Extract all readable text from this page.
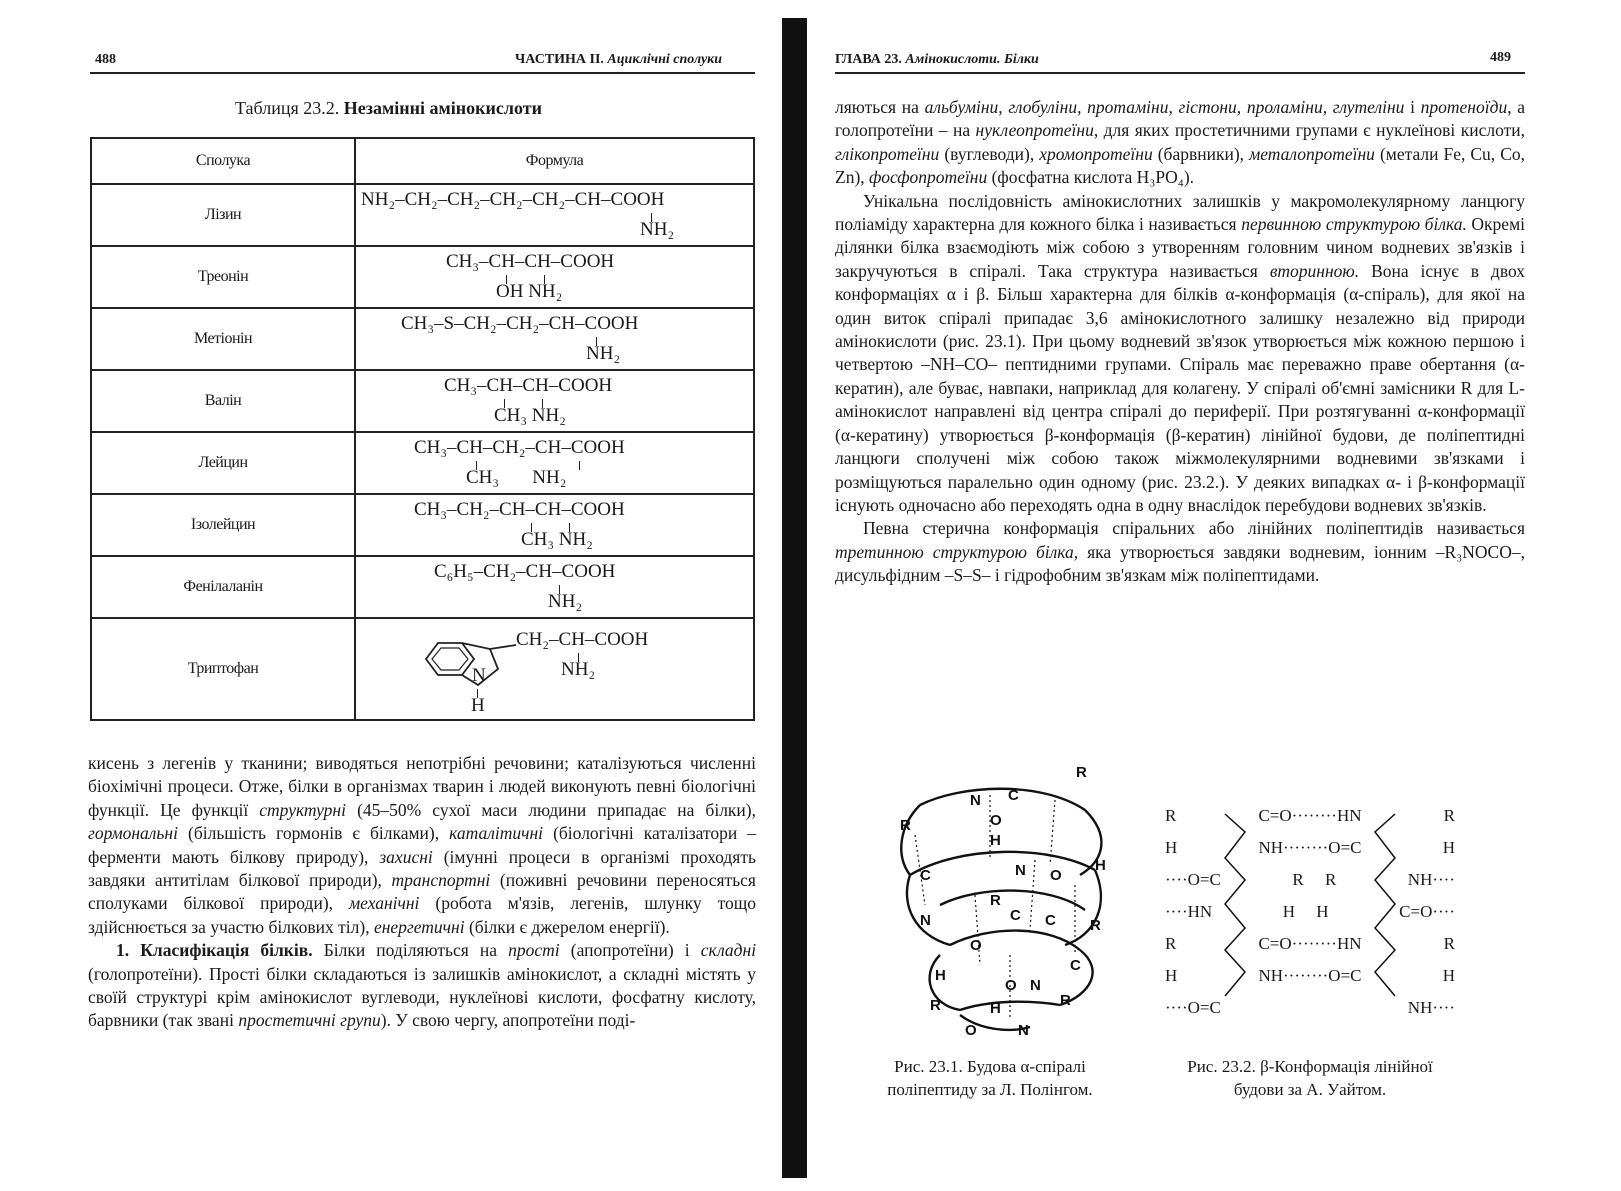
488	ЧАСТИНА II. Ациклічні сполуки
Таблиця 23.2. Незамінні амінокислоти
Сполука	Формула
Лізин	NH₂–CH₂–CH₂–CH₂–CH₂–CH–COOH
NH₂

Треонін	CH₃–CH–CH–COOH
OH NH₂

Метіонін	CH₃–S–CH₂–CH₂–CH–COOH
NH₂

Валін	CH₃–CH–CH–COOH
CH₃ NH₂

Лейцин	CH₃–CH–CH₂–CH–COOH
CH₃       NH₂

Ізолейцин	CH₃–CH₂–CH–CH–COOH
CH₃ NH₂

Фенілаланін	C₆H₅–CH₂–CH–COOH
NH₂

Триптофан	CH₂–CH–COOH
NH₂
N
H

кисень з легенів у тканини; виводяться непотрібні речовини; каталізуються численні біохімічні процеси. Отже, білки в організмах тварин і людей виконують певні біологічні функції. Це функції структурні (45–50% сухої маси людини припадає на білки), гормональні (більшість гормонів є білками), каталітичні (біологічні каталізатори – ферменти мають білкову природу), захисні (імунні процеси в організмі проходять завдяки антитілам білкової природи), транспортні (поживні речовини переносяться сполуками білкової природи), механічні (робота м'язів, легенів, шлунку тощо здійснюється за участю білкових тіл), енергетичні (білки є джерелом енергії).

1. Класифікація білків. Білки поділяються на прості (апопротеїни) і складні (голопротеїни). Прості білки складаються із залишків амінокислот, а складні містять у своїй структурі крім амінокислот вуглеводи, нуклеїнові кислоти, фосфатну кислоту, барвники (так звані простетичні групи). У свою чергу, апопротеїни поді-

ГЛАВА 23. Амінокислоти. Білки	489

ляються на альбуміни, глобуліни, протаміни, гістони, проламіни, глутеліни і протеноїди, а голопротеїни – на нуклеопротеїни, для яких простетичними групами є нуклеїнові кислоти, глікопротеїни (вуглеводи), хромопротеїни (барвники), металопротеїни (метали Fe, Cu, Co, Zn), фосфопротеїни (фосфатна кислота H₃PO₄).

Унікальна послідовність амінокислотних залишків у макромолекулярному ланцюгу поліаміду характерна для кожного білка і називається первинною структурою білка. Окремі ділянки білка взаємодіють між собою з утворенням головним чином водневих зв'язків і закручуються в спіралі. Така структура називається вторинною. Вона існує в двох конформаціях α і β. Більш характерна для білків α-конформація (α-спіраль), для якої на один виток спіралі припадає 3,6 амінокислотного залишку незалежно від природи амінокислоти (рис. 23.1). При цьому водневий зв'язок утворюється між кожною першою і четвертою –NH–CO– пептидними групами. Спіраль має переважно праве обертання (α-кератин), але буває, навпаки, наприклад для колагену. У спіралі об'ємні замісники R для L-амінокислот направлені від центра спіралі до периферії. При розтягуванні α-конформації (α-кератину) утворюється β-конформація (β-кератин) лінійної будови, де поліпептидні ланцюги сполучені між собою також міжмолекулярними водневими зв'язками і розміщуються паралельно один одному (рис. 23.2.). У деяких випадках α- і β-конформації існують одночасно або переходять одна в одну внаслідок перебудови водневих зв'язків.

Певна стерична конформація спіральних або лінійних поліпептидів називається третинною структурою білка, яка утворюється завдяки водневим, іонним –R₃NOCO–, дисульфідним –S–S– і гідрофобним зв'язкам між поліпептидами.

R
C
N
O
H
R
C
N
N O
H
R
C C R
O
C
H
N
R
R
O
H
O	N
Рис. 23.1. Будова α-спіралі поліпептиду за Л. Полінгом.
R	C=O········HN	R
H	NH········O=C	H
····O=C	R     R	NH····
····HN	H     H	C=O····
R	C=O········HN	R
H	NH········O=C	H
····O=C	NH····
Рис. 23.2. β-Конформація лінійної будови за А. Уайтом.
